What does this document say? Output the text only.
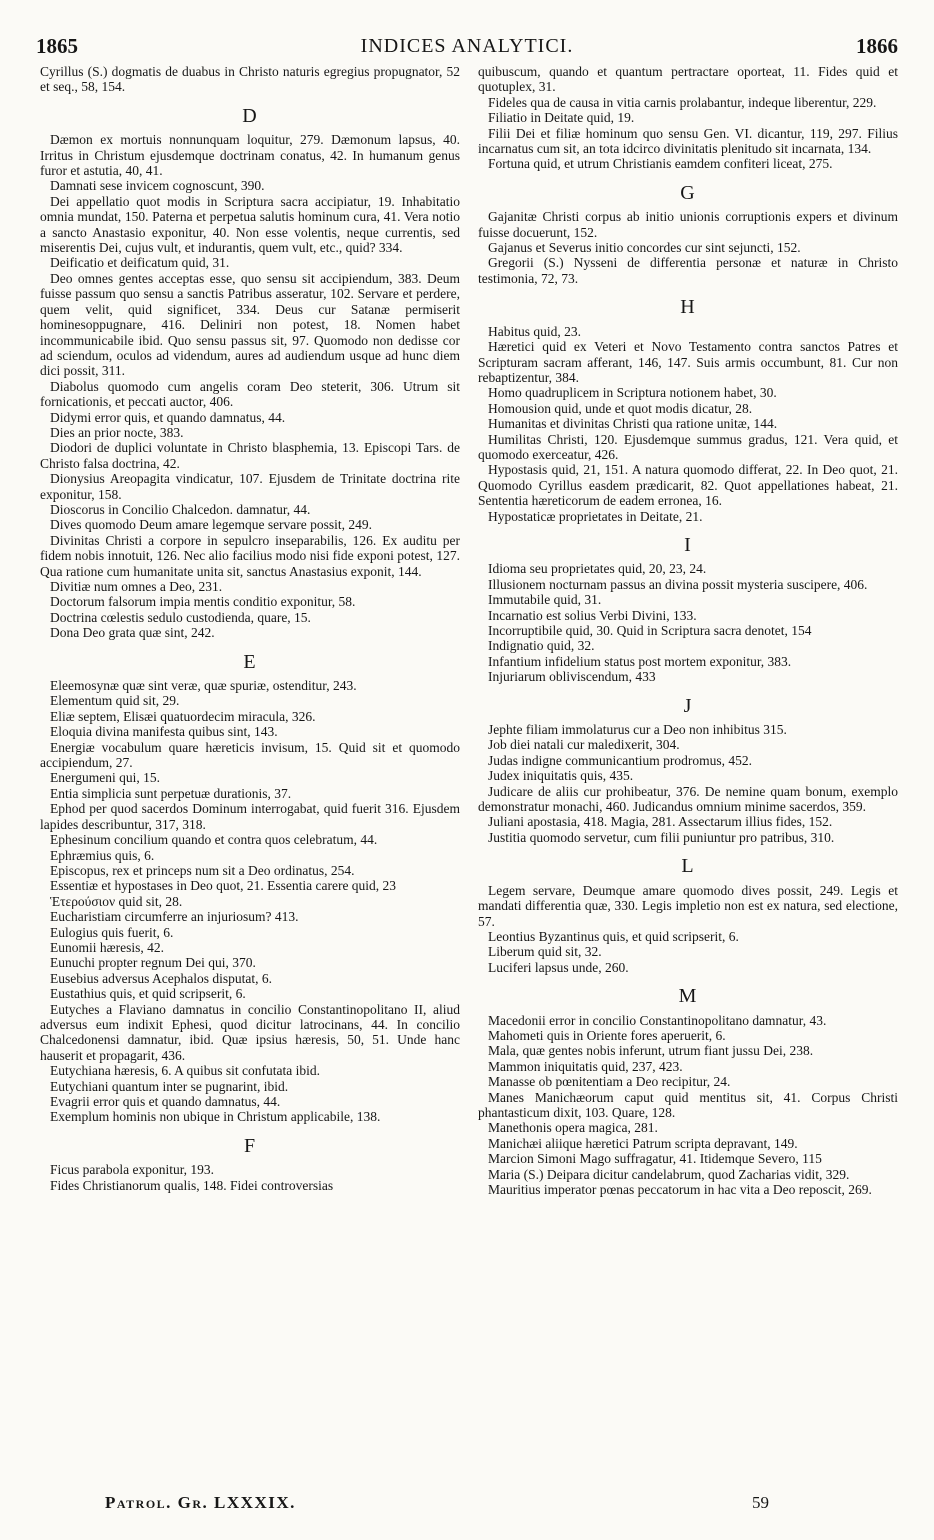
1865	INDICES ANALYTICI.	1866

Cyrillus (S.) dogmatis de duabus in Christo naturis egregius propugnator, 52 et seq., 58, 154.

D

Dæmon ex mortuis nonnunquam loquitur, 279. Dæmonum lapsus, 40. Irritus in Christum ejusdemque doctrinam conatus, 42. In humanum genus furor et astutia, 40, 41.

Damnati sese invicem cognoscunt, 390.

Dei appellatio quot modis in Scriptura sacra accipiatur, 19. Inhabitatio omnia mundat, 150. Paterna et perpetua salutis hominum cura, 41. Vera notio a sancto Anastasio exponitur, 40. Non esse volentis, neque currentis, sed miserentis Dei, cujus vult, et indurantis, quem vult, etc., quid? 334.

Deificatio et deificatum quid, 31.

Deo omnes gentes acceptas esse, quo sensu sit accipiendum, 383. Deum fuisse passum quo sensu a sanctis Patribus asseratur, 102. Servare et perdere, quem velit, quid significet, 334. Deus cur Satanæ permiserit hominesoppugnare, 416. Deliniri non potest, 18. Nomen habet incommunicabile ibid. Quo sensu passus sit, 97. Quomodo non dedisse cor ad sciendum, oculos ad videndum, aures ad audiendum usque ad hunc diem dici possit, 311.

Diabolus quomodo cum angelis coram Deo steterit, 306. Utrum sit fornicationis, et peccati auctor, 406.

Didymi error quis, et quando damnatus, 44.

Dies an prior nocte, 383.

Diodori de duplici voluntate in Christo blasphemia, 13. Episcopi Tars. de Christo falsa doctrina, 42.

Dionysius Areopagita vindicatur, 107. Ejusdem de Trinitate doctrina rite exponitur, 158.

Dioscorus in Concilio Chalcedon. damnatur, 44.

Dives quomodo Deum amare legemque servare possit, 249.

Divinitas Christi a corpore in sepulcro inseparabilis, 126. Ex auditu per fidem nobis innotuit, 126. Nec alio facilius modo nisi fide exponi potest, 127. Qua ratione cum humanitate unita sit, sanctus Anastasius exponit, 144.

Divitiæ num omnes a Deo, 231.

Doctorum falsorum impia mentis conditio exponitur, 58.

Doctrina cœlestis sedulo custodienda, quare, 15.

Dona Deo grata quæ sint, 242.

E

Eleemosynæ quæ sint veræ, quæ spuriæ, ostenditur, 243.

Elementum quid sit, 29.

Eliæ septem, Elisæi quatuordecim miracula, 326.

Eloquia divina manifesta quibus sint, 143.

Energiæ vocabulum quare hæreticis invisum, 15. Quid sit et quomodo accipiendum, 27.

Energumeni qui, 15.

Entia simplicia sunt perpetuæ durationis, 37.

Ephod per quod sacerdos Dominum interrogabat, quid fuerit 316. Ejusdem lapides describuntur, 317, 318.

Ephesinum concilium quando et contra quos celebratum, 44.

Ephræmius quis, 6.

Episcopus, rex et princeps num sit a Deo ordinatus, 254.

Essentiæ et hypostases in Deo quot, 21. Essentia carere quid, 23

Ἑτερούσιον quid sit, 28.

Eucharistiam circumferre an injuriosum? 413.

Eulogius quis fuerit, 6.

Eunomii hæresis, 42.

Eunuchi propter regnum Dei qui, 370.

Eusebius adversus Acephalos disputat, 6.

Eustathius quis, et quid scripserit, 6.

Eutyches a Flaviano damnatus in concilio Constantinopolitano II, aliud adversus eum indixit Ephesi, quod dicitur latrocinans, 44. In concilio Chalcedonensi damnatur, ibid. Quæ ipsius hæresis, 50, 51. Unde hanc hauserit et propagarit, 436.

Eutychiana hæresis, 6. A quibus sit confutata ibid.

Eutychiani quantum inter se pugnarint, ibid.

Evagrii error quis et quando damnatus, 44.

Exemplum hominis non ubique in Christum applicabile, 138.

F

Ficus parabola exponitur, 193.

Fides Christianorum qualis, 148. Fidei controversias

quibuscum, quando et quantum pertractare oporteat, 11. Fides quid et quotuplex, 31.

Fideles qua de causa in vitia carnis prolabantur, indeque liberentur, 229.

Filiatio in Deitate quid, 19.

Filii Dei et filiæ hominum quo sensu Gen. VI. dicantur, 119, 297. Filius incarnatus cum sit, an tota idcirco divinitatis plenitudo sit incarnata, 134.

Fortuna quid, et utrum Christianis eamdem confiteri liceat, 275.

G

Gajanitæ Christi corpus ab initio unionis corruptionis expers et divinum fuisse docuerunt, 152.

Gajanus et Severus initio concordes cur sint sejuncti, 152.

Gregorii (S.) Nysseni de differentia personæ et naturæ in Christo testimonia, 72, 73.

H

Habitus quid, 23.

Hæretici quid ex Veteri et Novo Testamento contra sanctos Patres et Scripturam sacram afferant, 146, 147. Suis armis occumbunt, 81. Cur non rebaptizentur, 384.

Homo quadruplicem in Scriptura notionem habet, 30.

Homousion quid, unde et quot modis dicatur, 28.

Humanitas et divinitas Christi qua ratione unitæ, 144.

Humilitas Christi, 120. Ejusdemque summus gradus, 121. Vera quid, et quomodo exerceatur, 426.

Hypostasis quid, 21, 151. A natura quomodo differat, 22. In Deo quot, 21. Quomodo Cyrillus easdem prædicarit, 82. Quot appellationes habeat, 21. Sententia hæreticorum de eadem erronea, 16.

Hypostaticæ proprietates in Deitate, 21.

I

Idioma seu proprietates quid, 20, 23, 24.

Illusionem nocturnam passus an divina possit mysteria suscipere, 406.

Immutabile quid, 31.

Incarnatio est solius Verbi Divini, 133.

Incorruptibile quid, 30. Quid in Scriptura sacra denotet, 154

Indignatio quid, 32.

Infantium infidelium status post mortem exponitur, 383.

Injuriarum obliviscendum, 433

J

Jephte filiam immolaturus cur a Deo non inhibitus 315.

Job diei natali cur maledixerit, 304.

Judas indigne communicantium prodromus, 452.

Judex iniquitatis quis, 435.

Judicare de aliis cur prohibeatur, 376. De nemine quam bonum, exemplo demonstratur monachi, 460. Judicandus omnium minime sacerdos, 359.

Juliani apostasia, 418. Magia, 281. Assectarum illius fides, 152.

Justitia quomodo servetur, cum filii puniuntur pro patribus, 310.

L

Legem servare, Deumque amare quomodo dives possit, 249. Legis et mandati differentia quæ, 330. Legis impletio non est ex natura, sed electione, 57.

Leontius Byzantinus quis, et quid scripserit, 6.

Liberum quid sit, 32.

Luciferi lapsus unde, 260.

M

Macedonii error in concilio Constantinopolitano damnatur, 43.

Mahometi quis in Oriente fores aperuerit, 6.

Mala, quæ gentes nobis inferunt, utrum fiant jussu Dei, 238.

Mammon iniquitatis quid, 237, 423.

Manasse ob pœnitentiam a Deo recipitur, 24.

Manes Manichæorum caput quid mentitus sit, 41. Corpus Christi phantasticum dixit, 103. Quare, 128.

Manethonis opera magica, 281.

Manichæi aliique hæretici Patrum scripta depravant, 149.

Marcion Simoni Mago suffragatur, 41. Itidemque Severo, 115

Maria (S.) Deipara dicitur candelabrum, quod Zacharias vidit, 329.

Mauritius imperator pœnas peccatorum in hac vita a Deo reposcit, 269.

Patrol. Gr. LXXXIX.	59
